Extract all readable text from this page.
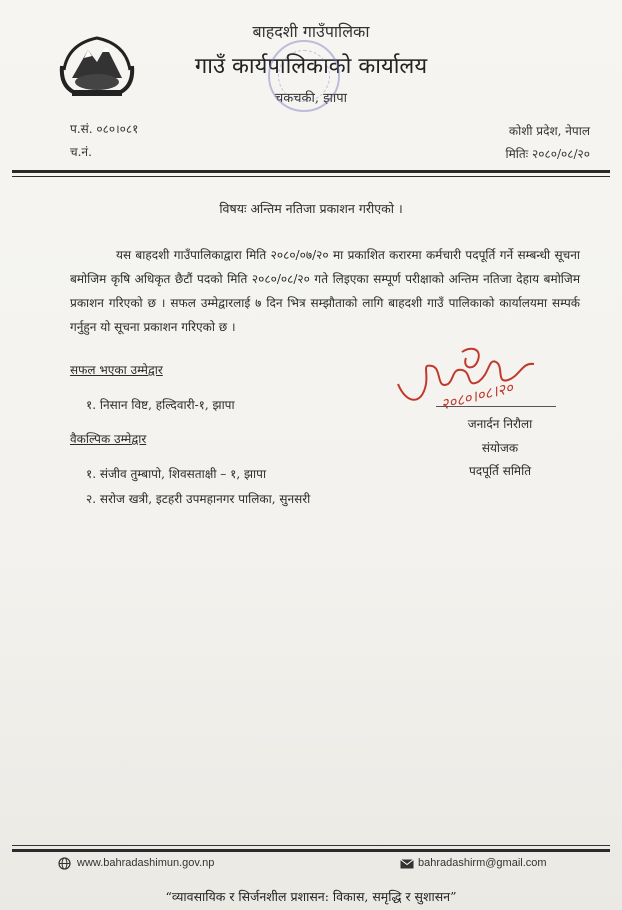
बाहदशी गाउँपालिका
गाउँ कार्यपालिकाको कार्यालय
चकचकी, झापा
प.सं. ०८०।०८१
च.नं.
कोशी प्रदेश, नेपाल
मितिः २०८०/०८/२०
विषयः अन्तिम नतिजा प्रकाशन गरीएको ।
यस बाहदशी गाउँपालिकाद्वारा मिति २०८०/०७/२० मा प्रकाशित करारमा कर्मचारी पदपूर्ति गर्ने सम्बन्धी सूचना बमोजिम कृषि अधिकृत छैटौं पदको मिति २०८०/०८/२० गते लिइएका सम्पूर्ण परीक्षाको अन्तिम नतिजा देहाय बमोजिम प्रकाशन गरिएको छ । सफल उम्मेद्वारलाई ७ दिन भित्र सम्झौताको लागि बाहदशी गाउँ पालिकाको कार्यालयमा सम्पर्क गर्नुहुन यो सूचना प्रकाशन गरिएको छ ।
सफल भएका उम्मेद्वार
१. निसान विष्ट, हल्दिवारी-१, झापा
वैकल्पिक उम्मेद्वार
१. संजीव तुम्बापो, शिवसताक्षी – १, झापा
२. सरोज खत्री, इटहरी उपमहानगर पालिका, सुनसरी
२०८०।०८।२०
जनार्दन निरौला
संयोजक
पदपूर्ति समिति
www.bahradashimun.gov.np	bahradashirm@gmail.com
“व्यावसायिक र सिर्जनशील प्रशासन: विकास, समृद्धि र सुशासन”
